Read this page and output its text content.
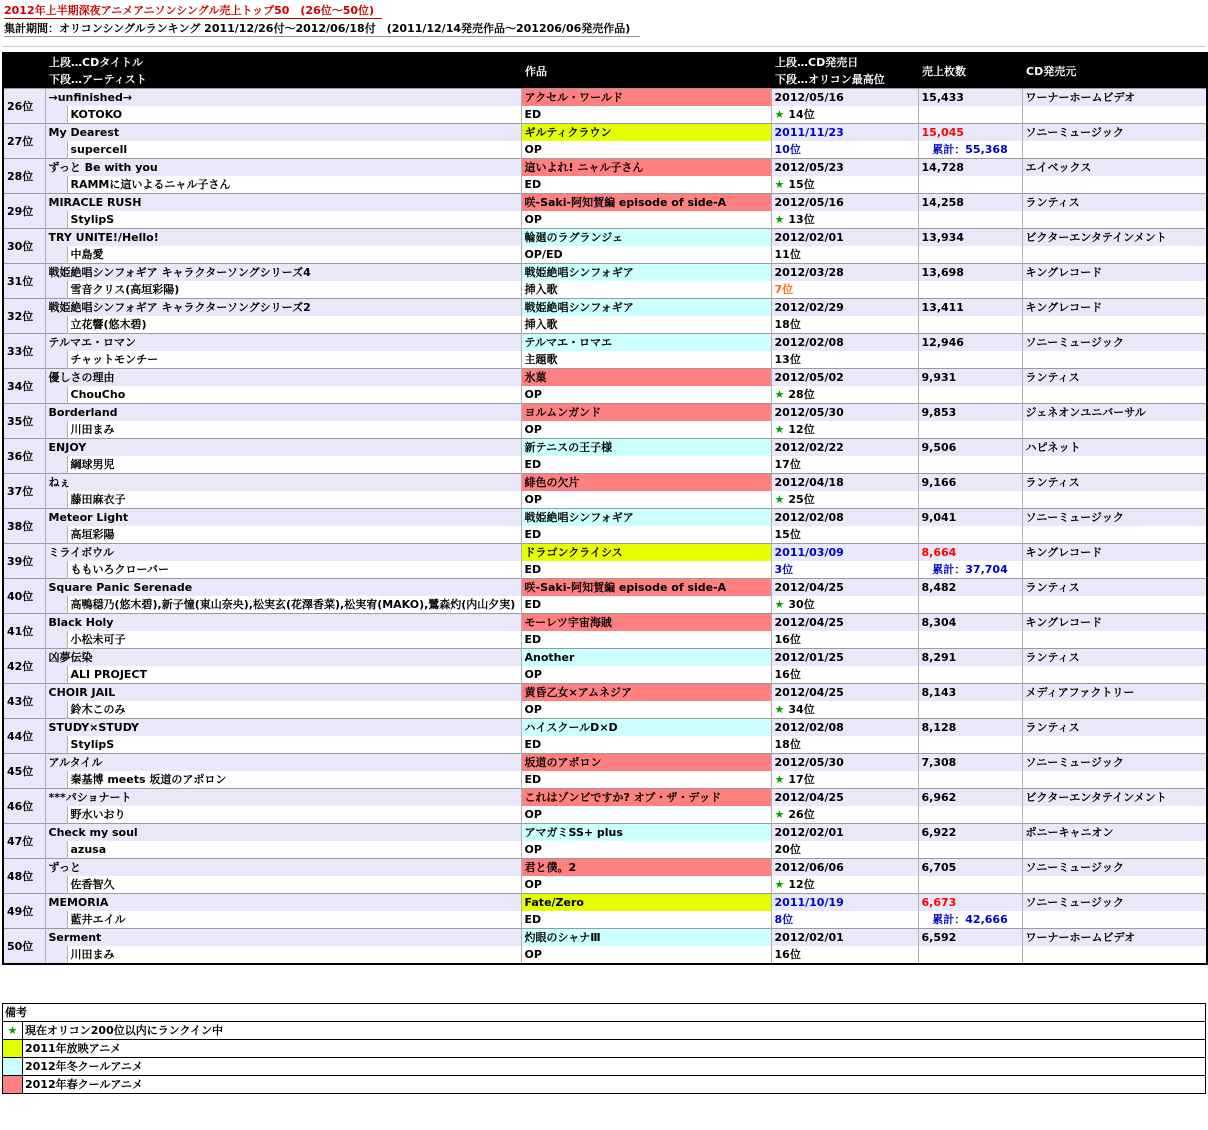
2012年上半期深夜アニメアニソンシングル売上トップ50　(26位～50位)
集計期間：オリコンシングルランキング 2011/12/26付～2012/06/18付　(2011/12/14発売作品～201206/06発売作品)
	上段…CDタイトル		作品	上段…CD発売日	売上枚数	CD発売元
	下段…アーティスト			下段…オリコン最高位		
26位	→unfinished→		アクセル・ワールド	2012/05/16	15,433	ワーナーホームビデオ
		KOTOKO	ED	★ 14位		
27位	My Dearest		ギルティクラウン	2011/11/23	15,045	ソニーミュージック
		supercell	OP	10位	累計：55,368	
28位	ずっと Be with you		這いよれ! ニャル子さん	2012/05/23	14,728	エイベックス
		RAMMに這いよるニャル子さん	ED	★ 15位		
29位	MIRACLE RUSH		咲-Saki-阿知賀編 episode of side-A	2012/05/16	14,258	ランティス
		StylipS	OP	★ 13位		
30位	TRY UNITE!/Hello!		輪廻のラグランジェ	2012/02/01	13,934	ビクターエンタテインメント
		中島愛	OP/ED	11位		
31位	戦姫絶唱シンフォギア キャラクターソングシリーズ4		戦姫絶唱シンフォギア	2012/03/28	13,698	キングレコード
		雪音クリス(高垣彩陽)	挿入歌	7位		
32位	戦姫絶唱シンフォギア キャラクターソングシリーズ2		戦姫絶唱シンフォギア	2012/02/29	13,411	キングレコード
		立花響(悠木碧)	挿入歌	18位		
33位	テルマエ・ロマン		テルマエ・ロマエ	2012/02/08	12,946	ソニーミュージック
		チャットモンチー	主題歌	13位		
34位	優しさの理由		氷菓	2012/05/02	9,931	ランティス
		ChouCho	OP	★ 28位		
35位	Borderland		ヨルムンガンド	2012/05/30	9,853	ジェネオンユニバーサル
		川田まみ	OP	★ 12位		
36位	ENJOY		新テニスの王子様	2012/02/22	9,506	ハピネット
		綱球男児	ED	17位		
37位	ねぇ		緋色の欠片	2012/04/18	9,166	ランティス
		藤田麻衣子	OP	★ 25位		
38位	Meteor Light		戦姫絶唱シンフォギア	2012/02/08	9,041	ソニーミュージック
		高垣彩陽	ED	15位		
39位	ミライボウル		ドラゴンクライシス	2011/03/09	8,664	キングレコード
		ももいろクローバー	ED	3位	累計：37,704	
40位	Square Panic Serenade		咲-Saki-阿知賀編 episode of side-A	2012/04/25	8,482	ランティス
		高鴨穏乃(悠木碧),新子憧(東山奈央),松実玄(花澤香菜),松実宥(MAKO),鷺森灼(内山夕実)	ED	★ 30位		
41位	Black Holy		モーレツ宇宙海賊	2012/04/25	8,304	キングレコード
		小松未可子	ED	16位		
42位	凶夢伝染		Another	2012/01/25	8,291	ランティス
		ALI PROJECT	OP	16位		
43位	CHOIR JAIL		黄昏乙女×アムネジア	2012/04/25	8,143	メディアファクトリー
		鈴木このみ	OP	★ 34位		
44位	STUDY×STUDY		ハイスクールD×D	2012/02/08	8,128	ランティス
		StylipS	ED	18位		
45位	アルタイル		坂道のアポロン	2012/05/30	7,308	ソニーミュージック
		秦基博 meets 坂道のアポロン	ED	★ 17位		
46位	***パショナート		これはゾンビですか? オブ・ザ・デッド	2012/04/25	6,962	ビクターエンタテインメント
		野水いおり	OP	★ 26位		
47位	Check my soul		アマガミSS+ plus	2012/02/01	6,922	ポニーキャニオン
		azusa	OP	20位		
48位	ずっと		君と僕。2	2012/06/06	6,705	ソニーミュージック
		佐香智久	OP	★ 12位		
49位	MEMORIA		Fate/Zero	2011/10/19	6,673	ソニーミュージック
		藍井エイル	ED	8位	累計：42,666	
50位	Serment		灼眼のシャナⅢ	2012/02/01	6,592	ワーナーホームビデオ
		川田まみ	OP	16位		
備考	
★	現在オリコン200位以内にランクイン中
	2011年放映アニメ
	2012年冬クールアニメ
	2012年春クールアニメ
